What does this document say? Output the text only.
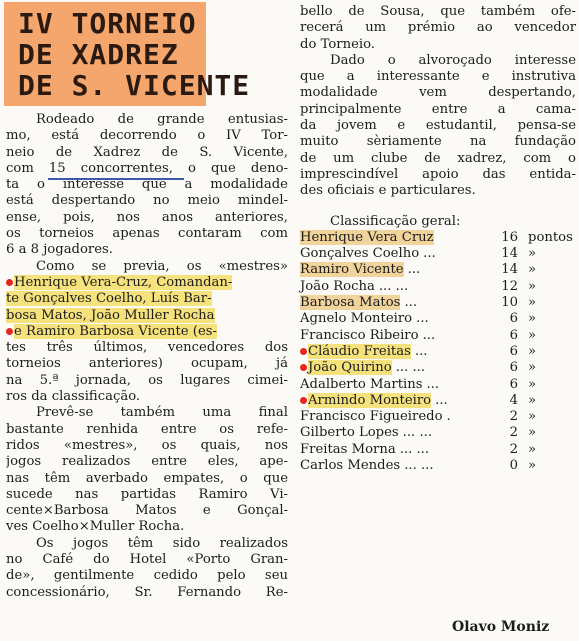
IV TORNEIO
DE XADREZ
DE S. VICENTE
Rodeado de grande entusias-
mo, está decorrendo o IV Tor-
neio de Xadrez de S. Vicente,
com 15 concorrentes, o que deno-
ta o interesse que a modalidade
está despertando no meio mindel-
ense, pois, nos anos anteriores,
os torneios apenas contaram com
6 a 8 jogadores.
Como se previa, os «mestres»
Henrique Vera-Cruz, Comandan-
te Gonçalves Coelho, Luís Bar-
bosa Matos, João Muller Rocha
e Ramiro Barbosa Vicente (es-
tes três últimos, vencedores dos
torneios anteriores) ocupam, já
na 5.ª jornada, os lugares cimei-
ros da classificação.
Prevê-se também uma final
bastante renhida entre os refe-
ridos «mestres», os quais, nos
jogos realizados entre eles, ape-
nas têm averbado empates, o que
sucede nas partidas Ramiro Vi-
cente×Barbosa Matos e Gonçal-
ves Coelho×Muller Rocha.
Os jogos têm sido realizados
no Café do Hotel «Porto Gran-
de», gentilmente cedido pelo seu
concessionário, Sr. Fernando Re-
bello de Sousa, que também ofe-
recerá um prémio ao vencedor
do Torneio.
Dado o alvoroçado interesse
que a interessante e instrutiva
modalidade vem despertando,
principalmente entre a cama-
da jovem e estudantil, pensa-se
muito sèriamente na fundação
de um clube de xadrez, com o
imprescindível apoio das entida-
des oficiais e particulares.
Classificação geral:
Henrique Vera Cruz	16 pontos
Gonçalves Coelho ...	14 »
Ramiro Vicente ...	14 »
João Rocha ... ...	12 »
Barbosa Matos ...	10 »
Agnelo Monteiro ...	6 »
Francisco Ribeiro ...	6 »
Cláudio Freitas ...	6 »
João Quirino ... ...	6 »
Adalberto Martins ...	6 »
Armindo Monteiro ...	4 »
Francisco Figueiredo .	2 »
Gilberto Lopes ... ...	2 »
Freitas Morna ... ...	2 »
Carlos Mendes ... ...	0 »
Olavo Moniz
